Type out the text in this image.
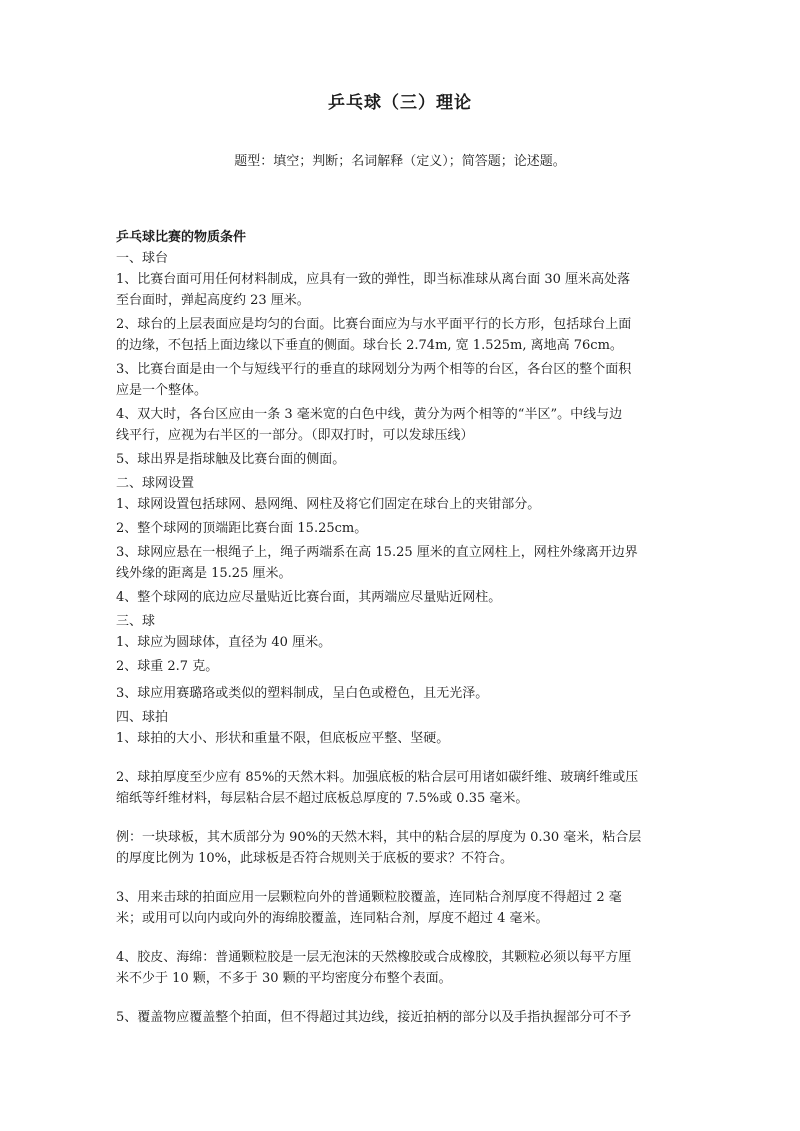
乒乓球（三）理论
题型：填空；判断；名词解释（定义）；简答题；论述题。

乒乓球比赛的物质条件

一、球台

1、比赛台面可用任何材料制成，应具有一致的弹性，即当标准球从离台面 30 厘米高处落

至台面时，弹起高度约 23 厘米。

2、球台的上层表面应是均匀的台面。比赛台面应为与水平面平行的长方形，包括球台上面

的边缘，不包括上面边缘以下垂直的侧面。球台长 2.74m, 宽 1.525m, 离地高 76cm。

3、比赛台面是由一个与短线平行的垂直的球网划分为两个相等的台区，各台区的整个面积

应是一个整体。

4、双大时，各台区应由一条 3 毫米宽的白色中线，黄分为两个相等的“半区”。中线与边

线平行，应视为右半区的一部分。（即双打时，可以发球压线）

5、球出界是指球触及比赛台面的侧面。

二、球网设置

1、球网设置包括球网、悬网绳、网柱及将它们固定在球台上的夹钳部分。

2、整个球网的顶端距比赛台面 15.25cm。

3、球网应悬在一根绳子上，绳子两端系在高 15.25 厘米的直立网柱上，网柱外缘离开边界

线外缘的距离是 15.25 厘米。

4、整个球网的底边应尽量贴近比赛台面，其两端应尽量贴近网柱。

三、球

1、球应为圆球体，直径为 40 厘米。

2、球重 2.7 克。

3、球应用赛璐珞或类似的塑料制成，呈白色或橙色，且无光泽。

四、球拍

1、球拍的大小、形状和重量不限，但底板应平整、坚硬。

2、球拍厚度至少应有 85%的天然木料。加强底板的粘合层可用诸如碳纤维、玻璃纤维或压

缩纸等纤维材料，每层粘合层不超过底板总厚度的 7.5%或 0.35 毫米。

例：一块球板，其木质部分为 90%的天然木料，其中的粘合层的厚度为 0.30 毫米，粘合层

的厚度比例为 10%，此球板是否符合规则关于底板的要求？不符合。

3、用来击球的拍面应用一层颗粒向外的普通颗粒胶覆盖，连同粘合剂厚度不得超过 2 毫

米；或用可以向内或向外的海绵胶覆盖，连同粘合剂，厚度不超过 4 毫米。

4、胶皮、海绵：普通颗粒胶是一层无泡沫的天然橡胶或合成橡胶，其颗粒必须以每平方厘

米不少于 10 颗，不多于 30 颗的平均密度分布整个表面。

5、覆盖物应覆盖整个拍面，但不得超过其边线，接近拍柄的部分以及手指执握部分可不予
